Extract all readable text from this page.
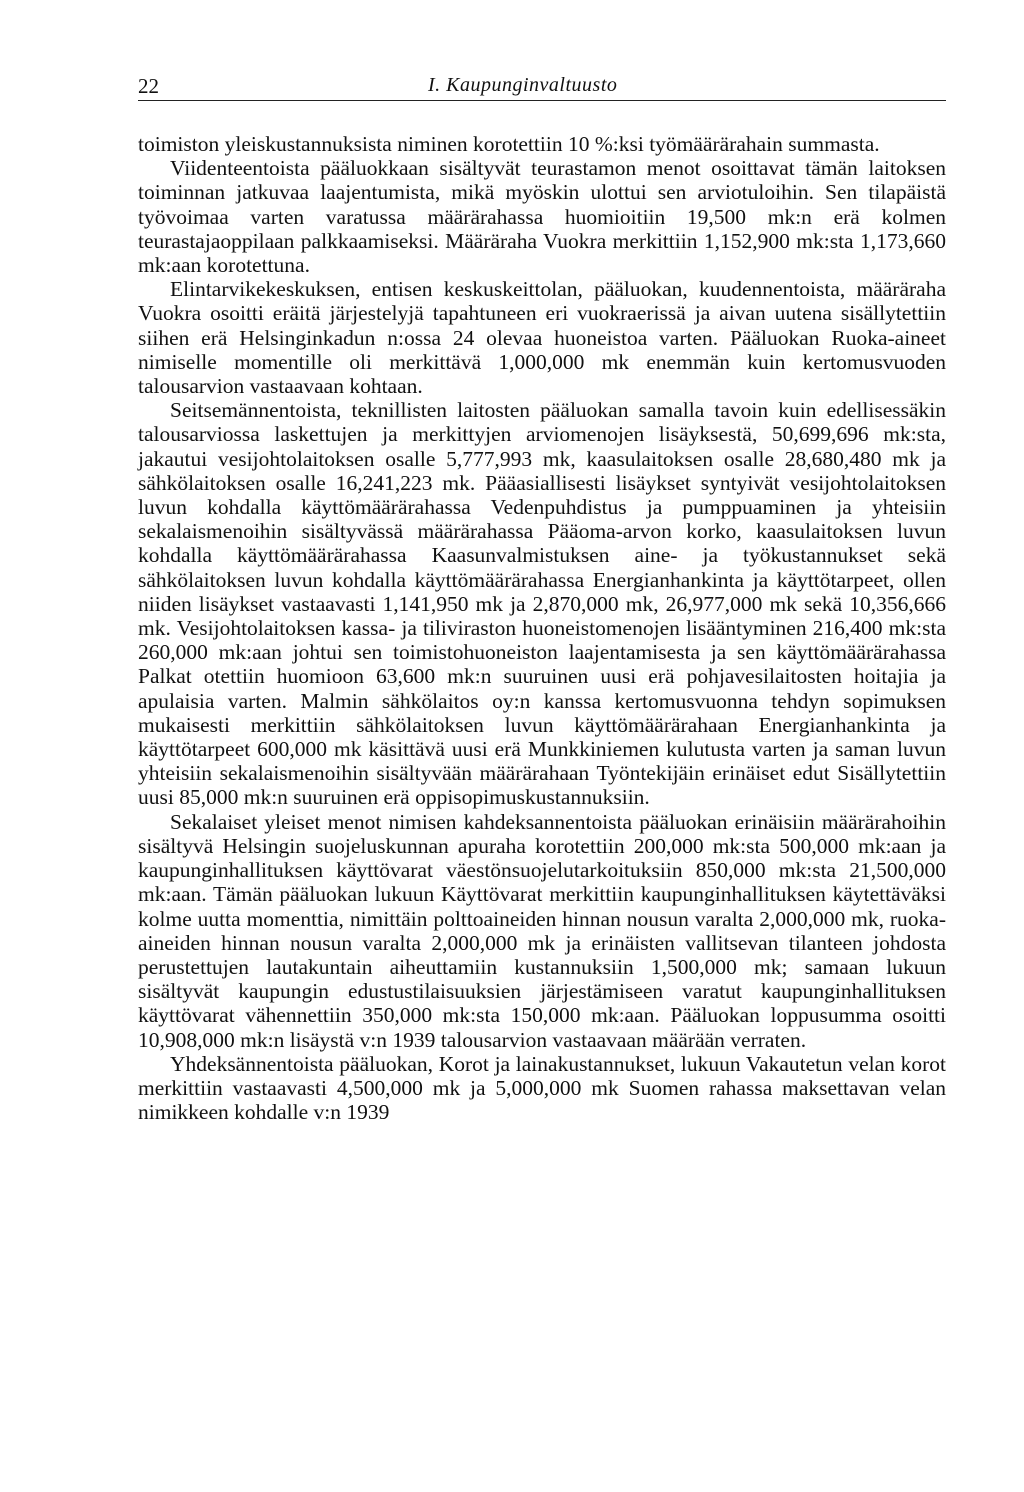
22	I. Kaupunginvaltuusto

toimiston yleiskustannuksista niminen korotettiin 10 %:ksi työmäärärahain summasta.

Viidenteentoista pääluokkaan sisältyvät teurastamon menot osoittavat tämän laitoksen toiminnan jatkuvaa laajentumista, mikä myöskin ulottui sen arviotuloihin. Sen tilapäistä työvoimaa varten varatussa määrärahassa huomioitiin 19,500 mk:n erä kolmen teurastajaoppilaan palkkaamiseksi. Määräraha Vuokra merkittiin 1,152,900 mk:sta 1,173,660 mk:aan korotettuna.

Elintarvikekeskuksen, entisen keskuskeittolan, pääluokan, kuudennentoista, määräraha Vuokra osoitti eräitä järjestelyjä tapahtuneen eri vuokraerissä ja aivan uutena sisällytettiin siihen erä Helsinginkadun n:ossa 24 olevaa huoneistoa varten. Pääluokan Ruoka-aineet nimiselle momentille oli merkittävä 1,000,000 mk enemmän kuin kertomusvuoden talousarvion vastaavaan kohtaan.

Seitsemännentoista, teknillisten laitosten pääluokan samalla tavoin kuin edellisessäkin talousarviossa laskettujen ja merkittyjen arviomenojen lisäyksestä, 50,699,696 mk:sta, jakautui vesijohtolaitoksen osalle 5,777,993 mk, kaasulaitoksen osalle 28,680,480 mk ja sähkölaitoksen osalle 16,241,223 mk. Pääasiallisesti lisäykset syntyivät vesijohtolaitoksen luvun kohdalla käyttömäärärahassa Vedenpuhdistus ja pumppuaminen ja yhteisiin sekalaismenoihin sisältyvässä määrärahassa Pääoma-arvon korko, kaasulaitoksen luvun kohdalla käyttömäärärahassa Kaasunvalmistuksen aine- ja työkustannukset sekä sähkölaitoksen luvun kohdalla käyttömäärärahassa Energianhankinta ja käyttötarpeet, ollen niiden lisäykset vastaavasti 1,141,950 mk ja 2,870,000 mk, 26,977,000 mk sekä 10,356,666 mk. Vesijohtolaitoksen kassa- ja tiliviraston huoneistomenojen lisääntyminen 216,400 mk:sta 260,000 mk:aan johtui sen toimistohuoneiston laajentamisesta ja sen käyttömäärärahassa Palkat otettiin huomioon 63,600 mk:n suuruinen uusi erä pohjavesilaitosten hoitajia ja apulaisia varten. Malmin sähkölaitos oy:n kanssa kertomusvuonna tehdyn sopimuksen mukaisesti merkittiin sähkölaitoksen luvun käyttömäärärahaan Energianhankinta ja käyttötarpeet 600,000 mk käsittävä uusi erä Munkkiniemen kulutusta varten ja saman luvun yhteisiin sekalaismenoihin sisältyvään määrärahaan Työntekijäin erinäiset edut Sisällytettiin uusi 85,000 mk:n suuruinen erä oppisopimuskustannuksiin.

Sekalaiset yleiset menot nimisen kahdeksannentoista pääluokan erinäisiin määrärahoihin sisältyvä Helsingin suojeluskunnan apuraha korotettiin 200,000 mk:sta 500,000 mk:aan ja kaupunginhallituksen käyttövarat väestönsuojelutarkoituksiin 850,000 mk:sta 21,500,000 mk:aan. Tämän pääluokan lukuun Käyttövarat merkittiin kaupunginhallituksen käytettäväksi kolme uutta momenttia, nimittäin polttoaineiden hinnan nousun varalta 2,000,000 mk, ruoka-aineiden hinnan nousun varalta 2,000,000 mk ja erinäisten vallitsevan tilanteen johdosta perustettujen lautakuntain aiheuttamiin kustannuksiin 1,500,000 mk; samaan lukuun sisältyvät kaupungin edustustilaisuuksien järjestämiseen varatut kaupunginhallituksen käyttövarat vähennettiin 350,000 mk:sta 150,000 mk:aan. Pääluokan loppusumma osoitti 10,908,000 mk:n lisäystä v:n 1939 talousarvion vastaavaan määrään verraten.

Yhdeksännentoista pääluokan, Korot ja lainakustannukset, lukuun Vakautetun velan korot merkittiin vastaavasti 4,500,000 mk ja 5,000,000 mk Suomen rahassa maksettavan velan nimikkeen kohdalle v:n 1939
